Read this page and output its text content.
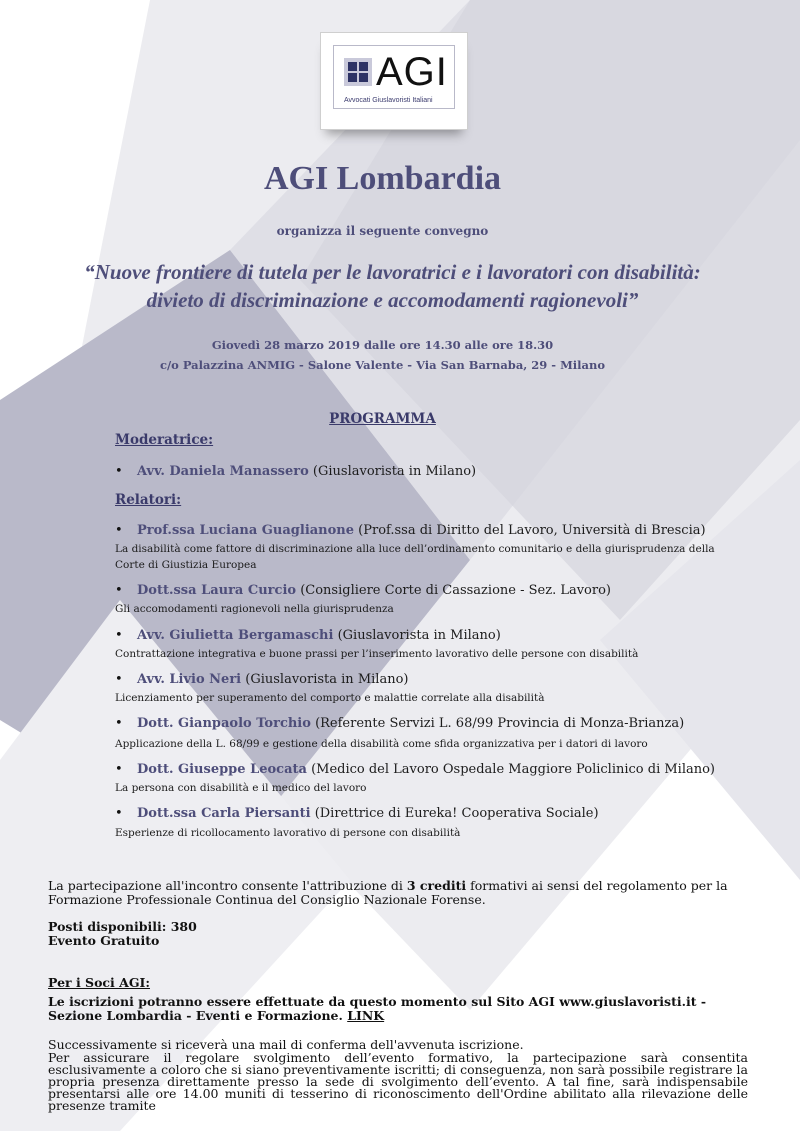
AGI
Avvocati Giuslavoristi Italiani
AGI Lombardia
organizza il seguente convegno
“Nuove frontiere di tutela per le lavoratrici e i lavoratori con disabilità:
divieto di discriminazione e accomodamenti ragionevoli”
Giovedì 28 marzo 2019 dalle ore 14.30 alle ore 18.30
c/o Palazzina ANMIG - Salone Valente - Via San Barnaba, 29 - Milano
PROGRAMMA
Moderatrice:
• Avv. Daniela Manassero (Giuslavorista in Milano)
Relatori:
• Prof.ssa Luciana Guaglianone (Prof.ssa di Diritto del Lavoro, Università di Brescia)
La disabilità come fattore di discriminazione alla luce dell’ordinamento comunitario e della giurisprudenza della Corte di Giustizia Europea
• Dott.ssa Laura Curcio (Consigliere Corte di Cassazione - Sez. Lavoro)
Gli accomodamenti ragionevoli nella giurisprudenza
• Avv. Giulietta Bergamaschi (Giuslavorista in Milano)
Contrattazione integrativa e buone prassi per l’inserimento lavorativo delle persone con disabilità
• Avv. Livio Neri (Giuslavorista in Milano)
Licenziamento per superamento del comporto e malattie correlate alla disabilità
• Dott. Gianpaolo Torchio (Referente Servizi L. 68/99 Provincia di Monza-Brianza)
Applicazione della L. 68/99 e gestione della disabilità come sfida organizzativa per i datori di lavoro
• Dott. Giuseppe Leocata (Medico del Lavoro Ospedale Maggiore Policlinico di Milano)
La persona con disabilità e il medico del lavoro
• Dott.ssa Carla Piersanti (Direttrice di Eureka! Cooperativa Sociale)
Esperienze di ricollocamento lavorativo di persone con disabilità
La partecipazione all'incontro consente l'attribuzione di 3 crediti formativi ai sensi del regolamento per la Formazione Professionale Continua del Consiglio Nazionale Forense.
Posti disponibili: 380
Evento Gratuito
Per i Soci AGI:
Le iscrizioni potranno essere effettuate da questo momento sul Sito AGI www.giuslavoristi.it - Sezione Lombardia - Eventi e Formazione. LINK
Successivamente si riceverà una mail di conferma dell'avvenuta iscrizione.
Per assicurare il regolare svolgimento dell’evento formativo, la partecipazione sarà consentita esclusivamente a coloro che si siano preventivamente iscritti; di conseguenza, non sarà possibile registrare la propria presenza direttamente presso la sede di svolgimento dell’evento. A tal fine, sarà indispensabile presentarsi alle ore 14.00 muniti di tesserino di riconoscimento dell'Ordine abilitato alla rilevazione delle presenze tramite
